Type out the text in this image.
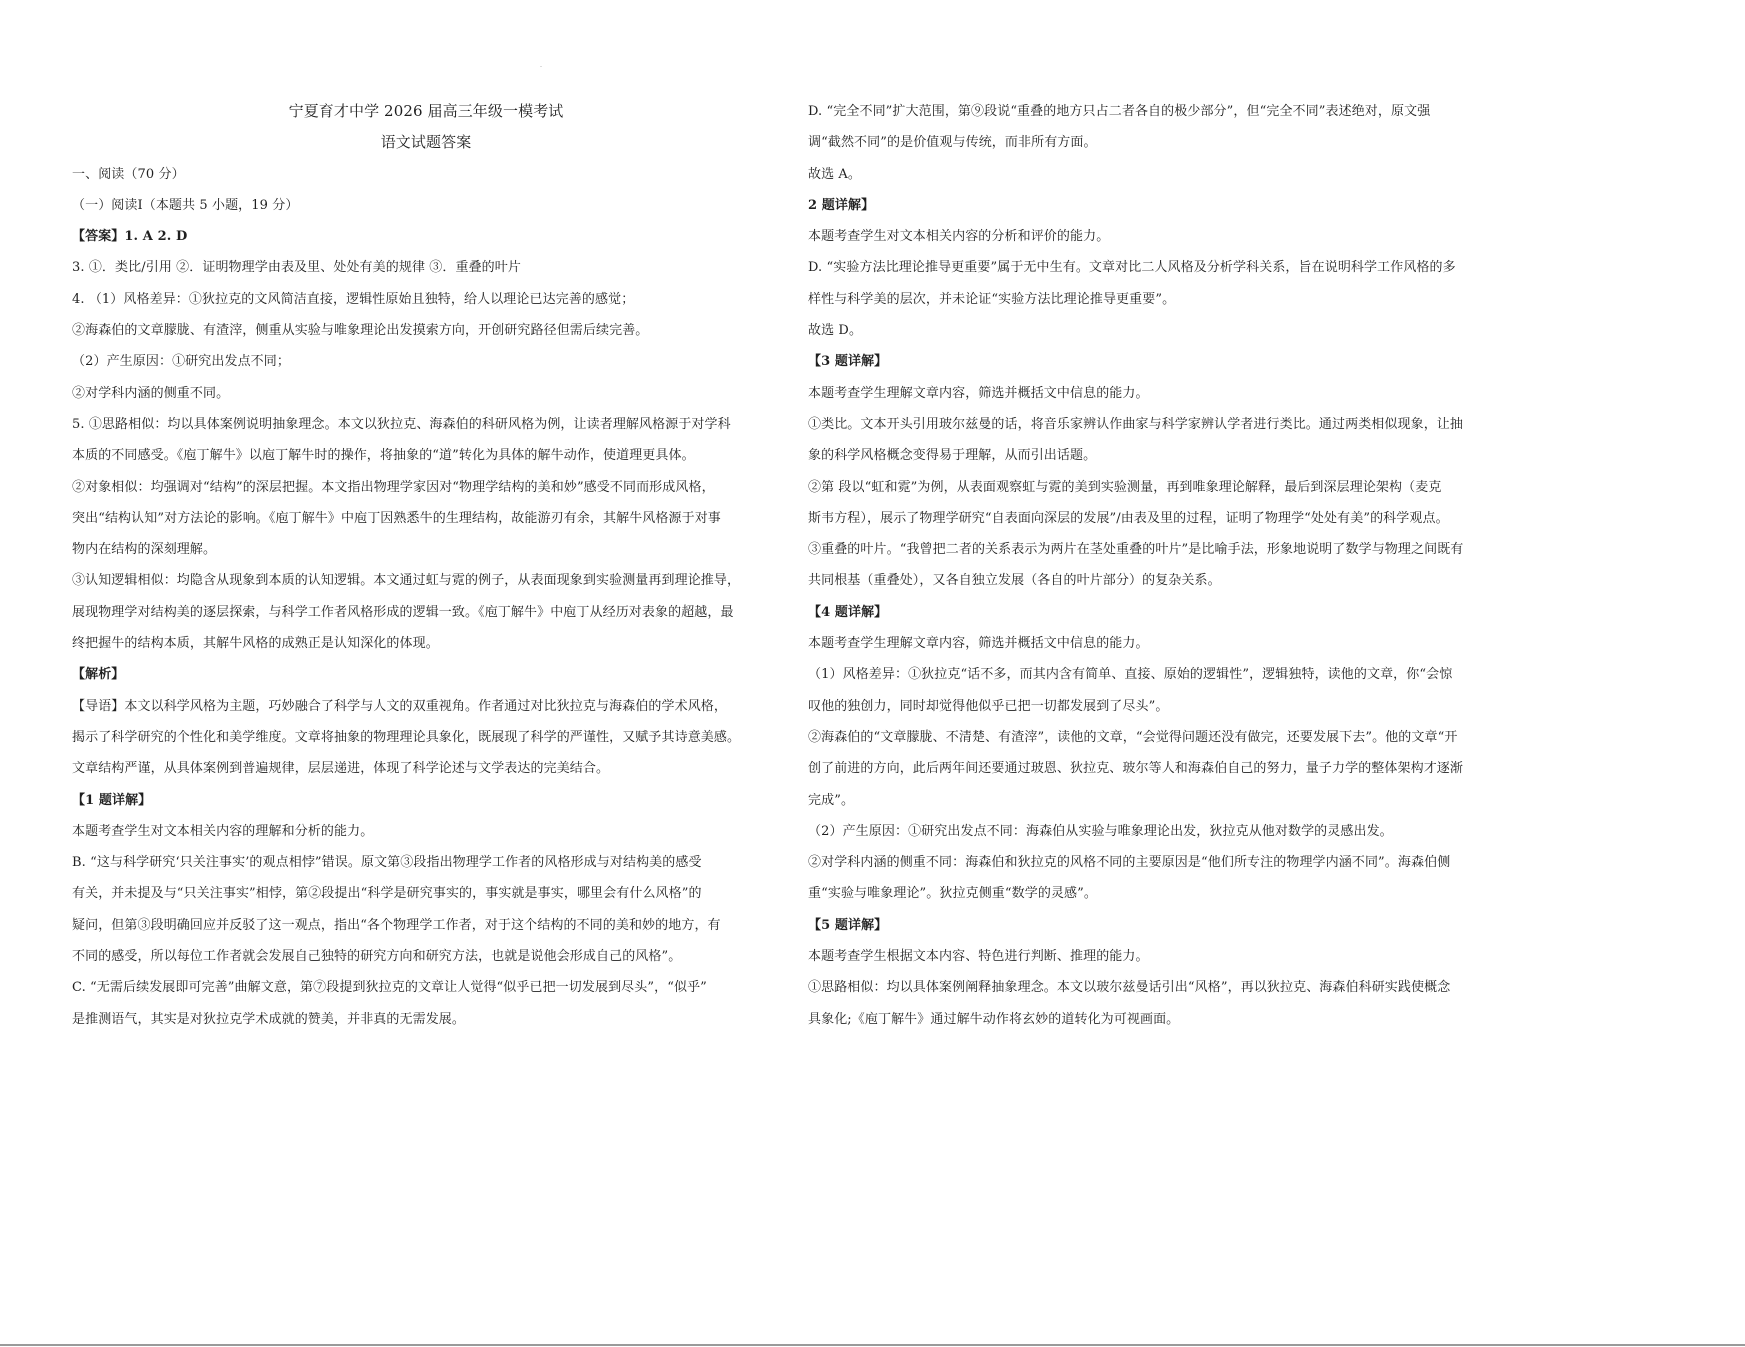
宁夏育才中学 2026 届高三年级一模考试
语文试题答案
一、阅读（70 分）
（一）阅读Ⅰ（本题共 5 小题，19 分）
【答案】1. A 2. D
3. ①．类比/引用 ②．证明物理学由表及里、处处有美的规律 ③．重叠的叶片
4. （1）风格差异：①狄拉克的文风简洁直接，逻辑性原始且独特，给人以理论已达完善的感觉；
②海森伯的文章朦胧、有渣滓，侧重从实验与唯象理论出发摸索方向，开创研究路径但需后续完善。
（2）产生原因：①研究出发点不同；
②对学科内涵的侧重不同。
5. ①思路相似：均以具体案例说明抽象理念。本文以狄拉克、海森伯的科研风格为例，让读者理解风格源于对学科
本质的不同感受。《庖丁解牛》以庖丁解牛时的操作，将抽象的“道”转化为具体的解牛动作，使道理更具体。
②对象相似：均强调对“结构”的深层把握。本文指出物理学家因对“物理学结构的美和妙”感受不同而形成风格，
突出“结构认知”对方法论的影响。《庖丁解牛》中庖丁因熟悉牛的生理结构，故能游刃有余，其解牛风格源于对事
物内在结构的深刻理解。
③认知逻辑相似：均隐含从现象到本质的认知逻辑。本文通过虹与霓的例子，从表面现象到实验测量再到理论推导，
展现物理学对结构美的逐层探索，与科学工作者风格形成的逻辑一致。《庖丁解牛》中庖丁从经历对表象的超越，最
终把握牛的结构本质，其解牛风格的成熟正是认知深化的体现。
【解析】
【导语】本文以科学风格为主题，巧妙融合了科学与人文的双重视角。作者通过对比狄拉克与海森伯的学术风格，
揭示了科学研究的个性化和美学维度。文章将抽象的物理理论具象化，既展现了科学的严谨性，又赋予其诗意美感。
文章结构严谨，从具体案例到普遍规律，层层递进，体现了科学论述与文学表达的完美结合。
【1 题详解】
本题考查学生对文本相关内容的理解和分析的能力。
B. “这与科学研究‘只关注事实’的观点相悖”错误。原文第③段指出物理学工作者的风格形成与对结构美的感受
有关，并未提及与“只关注事实”相悖，第②段提出“科学是研究事实的，事实就是事实，哪里会有什么风格”的
疑问，但第③段明确回应并反驳了这一观点，指出“各个物理学工作者，对于这个结构的不同的美和妙的地方，有
不同的感受，所以每位工作者就会发展自己独特的研究方向和研究方法，也就是说他会形成自己的风格”。
C. “无需后续发展即可完善”曲解文意，第⑦段提到狄拉克的文章让人觉得“似乎已把一切发展到尽头”，“似乎”
是推测语气，其实是对狄拉克学术成就的赞美，并非真的无需发展。
D. “完全不同”扩大范围，第⑨段说“重叠的地方只占二者各自的极少部分”，但“完全不同”表述绝对，原文强
调“截然不同”的是价值观与传统，而非所有方面。
故选 A。
2 题详解】
本题考查学生对文本相关内容的分析和评价的能力。
D. “实验方法比理论推导更重要”属于无中生有。文章对比二人风格及分析学科关系，旨在说明科学工作风格的多
样性与科学美的层次，并未论证“实验方法比理论推导更重要”。
故选 D。
【3 题详解】
本题考查学生理解文章内容，筛选并概括文中信息的能力。
①类比。文本开头引用玻尔兹曼的话，将音乐家辨认作曲家与科学家辨认学者进行类比。通过两类相似现象，让抽
象的科学风格概念变得易于理解，从而引出话题。
②第 段以“虹和霓”为例，从表面观察虹与霓的美到实验测量，再到唯象理论解释，最后到深层理论架构（麦克
斯韦方程），展示了物理学研究“自表面向深层的发展”/由表及里的过程，证明了物理学“处处有美”的科学观点。
③重叠的叶片。“我曾把二者的关系表示为两片在茎处重叠的叶片”是比喻手法，形象地说明了数学与物理之间既有
共同根基（重叠处），又各自独立发展（各自的叶片部分）的复杂关系。
【4 题详解】
本题考查学生理解文章内容，筛选并概括文中信息的能力。
（1）风格差异：①狄拉克“话不多，而其内含有简单、直接、原始的逻辑性”，逻辑独特，读他的文章，你“会惊
叹他的独创力，同时却觉得他似乎已把一切都发展到了尽头”。
②海森伯的“文章朦胧、不清楚、有渣滓”，读他的文章，“会觉得问题还没有做完，还要发展下去”。他的文章“开
创了前进的方向，此后两年间还要通过玻恩、狄拉克、玻尔等人和海森伯自己的努力，量子力学的整体架构才逐渐
完成”。
（2）产生原因：①研究出发点不同：海森伯从实验与唯象理论出发，狄拉克从他对数学的灵感出发。
②对学科内涵的侧重不同：海森伯和狄拉克的风格不同的主要原因是“他们所专注的物理学内涵不同”。海森伯侧
重“实验与唯象理论”。狄拉克侧重“数学的灵感”。
【5 题详解】
本题考查学生根据文本内容、特色进行判断、推理的能力。
①思路相似：均以具体案例阐释抽象理念。本文以玻尔兹曼话引出“风格”，再以狄拉克、海森伯科研实践使概念
具象化;《庖丁解牛》通过解牛动作将玄妙的道转化为可视画面。
